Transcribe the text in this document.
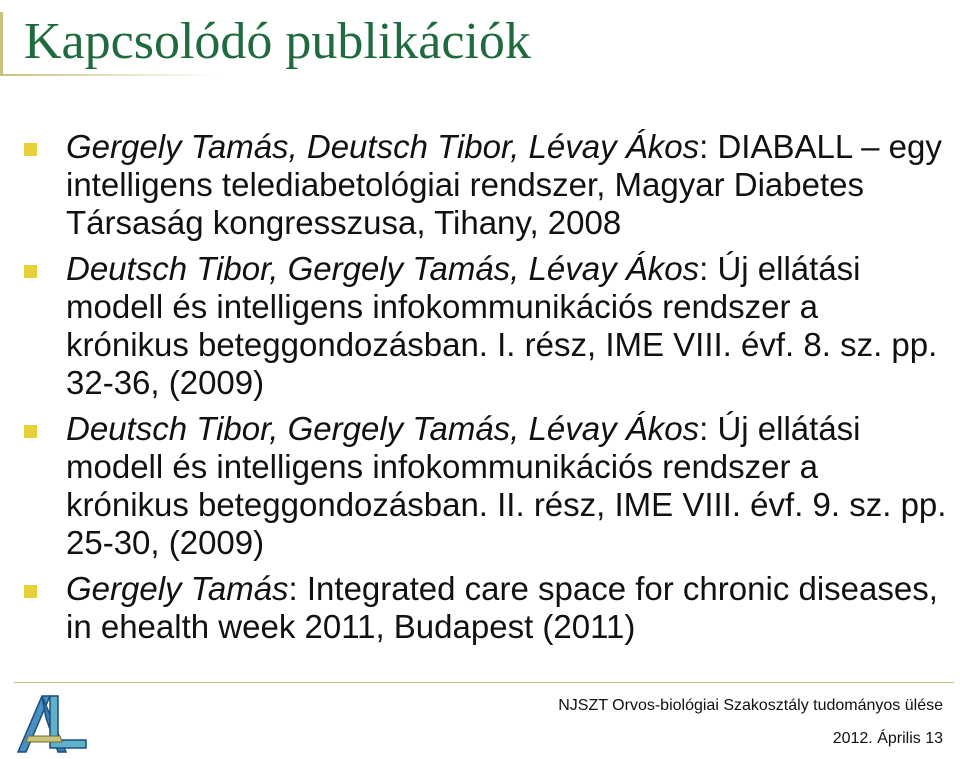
Kapcsolódó publikációk
Gergely Tamás, Deutsch Tibor, Lévay Ákos: DIABALL – egy intelligens telediabetológiai rendszer, Magyar Diabetes Társaság kongresszusa, Tihany, 2008
Deutsch Tibor, Gergely Tamás, Lévay Ákos: Új ellátási modell és intelligens infokommunikációs rendszer a krónikus beteggondozásban. I. rész, IME VIII. évf. 8. sz. pp. 32-36, (2009)
Deutsch Tibor, Gergely Tamás, Lévay Ákos: Új ellátási modell és intelligens infokommunikációs rendszer a krónikus beteggondozásban. II. rész, IME VIII. évf. 9. sz. pp. 25-30, (2009)
Gergely Tamás: Integrated care space for chronic diseases, in ehealth week 2011, Budapest (2011)
NJSZT Orvos-biológiai Szakosztály tudományos ülése
2012. Április 13
